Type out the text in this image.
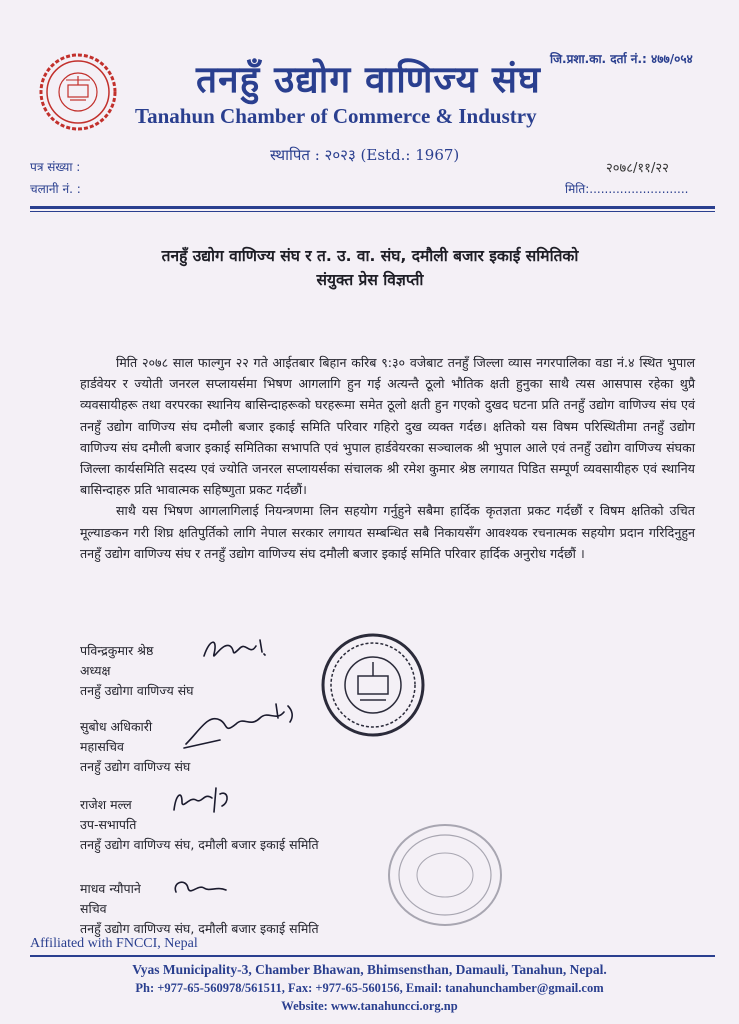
तनहुँ उद्योग वाणिज्य संघ जि.प्रशा.का. दर्ता नं.: ४७७/०५४
Tanahun Chamber of Commerce & Industry
स्थापित : २०२३ (Estd.: 1967)
पत्र संख्या :
चलानी नं. :
२०७८/११/२२
मिति:..........................
तनहुँ उद्योग वाणिज्य संघ र त. उ. वा. संघ, दमौली बजार इकाई समितिको
संयुक्त प्रेस विज्ञप्ती

मिति २०७८ साल फाल्गुन २२ गते आईतबार बिहान करिब ९:३० वजेबाट तनहुँ जिल्ला व्यास नगरपालिका वडा नं.४ स्थित भुपाल हार्डवेयर र ज्योती जनरल सप्लायर्समा भिषण आगलागि हुन गई अत्यन्तै ठूलो भौतिक क्षती हुनुका साथै त्यस आसपास रहेका थुप्रै व्यवसायीहरू तथा वरपरका स्थानिय बासिन्दाहरूको घरहरूमा समेत ठूलो क्षती हुन गएको दुखद घटना प्रति तनहुँ उद्योग वाणिज्य संघ एवं तनहुँ उद्योग वाणिज्य संघ दमौली बजार इकाई समिति परिवार गहिरो दुख व्यक्त गर्दछ। क्षतिको यस विषम परिस्थितीमा तनहुँ उद्योग वाणिज्य संघ दमौली बजार इकाई समितिका सभापति एवं भुपाल हार्डवेयरका सञ्चालक श्री भुपाल आले एवं तनहुँ उद्योग वाणिज्य संघका जिल्ला कार्यसमिति सदस्य एवं ज्योति जनरल सप्लायर्सका संचालक श्री रमेश कुमार श्रेष्ठ लगायत पिडित सम्पूर्ण व्यवसायीहरु एवं स्थानिय बासिन्दाहरु प्रति भावात्मक सहिष्णुता प्रकट गर्दछौं।

साथै यस भिषण आगलागिलाई नियन्त्रणमा लिन सहयोग गर्नुहुने सबैमा हार्दिक कृतज्ञता प्रकट गर्दछौं र विषम क्षतिको उचित मूल्याङकन गरी शिघ्र क्षतिपुर्तिको लागि नेपाल सरकार लगायत सम्बन्धित सबै निकायसँग आवश्यक रचनात्मक सहयोग प्रदान गरिदिनुहुन तनहुँ उद्योग वाणिज्य संघ र तनहुँ उद्योग वाणिज्य संघ दमौली बजार इकाई समिति परिवार हार्दिक अनुरोध गर्दछौं ।

पविन्द्रकुमार श्रेष्ठ
अध्यक्ष
तनहुँ उद्योगा वाणिज्य संघ
सुबोध अधिकारी
महासचिव
तनहुँ उद्योग वाणिज्य संघ
राजेश मल्ल
उप-सभापति
तनहुँ उद्योग वाणिज्य संघ, दमौली बजार इकाई समिति
माधव न्यौपाने
सचिव
तनहुँ उद्योग वाणिज्य संघ, दमौली बजार इकाई समिति
Affiliated with FNCCI, Nepal
Vyas Municipality-3, Chamber Bhawan, Bhimsensthan, Damauli, Tanahun, Nepal.
Ph: +977-65-560978/561511, Fax: +977-65-560156, Email: tanahunchamber@gmail.com
Website: www.tanahuncci.org.np
